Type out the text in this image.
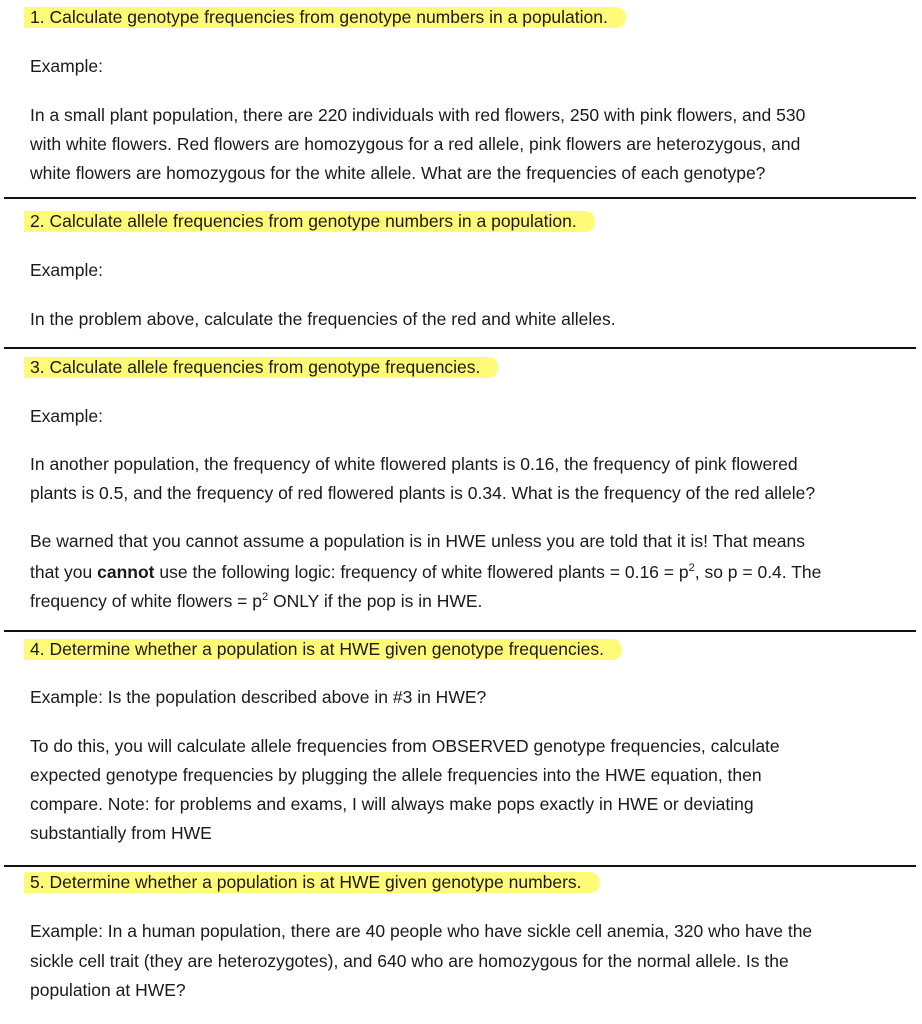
1. Calculate genotype frequencies from genotype numbers in a population.
Example:
In a small plant population, there are 220 individuals with red flowers, 250 with pink flowers, and 530
with white flowers. Red flowers are homozygous for a red allele, pink flowers are heterozygous, and
white flowers are homozygous for the white allele. What are the frequencies of each genotype?
2. Calculate allele frequencies from genotype numbers in a population.
Example:
In the problem above, calculate the frequencies of the red and white alleles.
3. Calculate allele frequencies from genotype frequencies.
Example:
In another population, the frequency of white flowered plants is 0.16, the frequency of pink flowered
plants is 0.5, and the frequency of red flowered plants is 0.34. What is the frequency of the red allele?
Be warned that you cannot assume a population is in HWE unless you are told that it is! That means
that you cannot use the following logic: frequency of white flowered plants = $0.16 = p^2$, so p = 0.4. The
frequency of white flowers = $p^2$ ONLY if the pop is in HWE.
4. Determine whether a population is at HWE given genotype frequencies.
Example: Is the population described above in #3 in HWE?
To do this, you will calculate allele frequencies from OBSERVED genotype frequencies, calculate
expected genotype frequencies by plugging the allele frequencies into the HWE equation, then
compare. Note: for problems and exams, I will always make pops exactly in HWE or deviating
substantially from HWE
5. Determine whether a population is at HWE given genotype numbers.
Example: In a human population, there are 40 people who have sickle cell anemia, 320 who have the
sickle cell trait (they are heterozygotes), and 640 who are homozygous for the normal allele. Is the
population at HWE?
